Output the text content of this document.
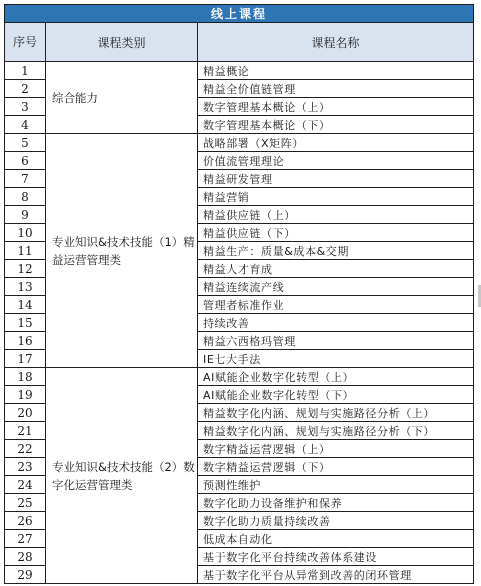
线上课程		
序号	课程类别	课程名称
1	综合能力	精益概论
2		精益全价值链管理
3		数字管理基本概论（上）
4		数字管理基本概论（下）
5	专业知识&技术技能（1）精益运营管理类	战略部署（X矩阵）
6		价值流管理理论
7		精益研发管理
8		精益营销
9		精益供应链（上）
10		精益供应链（下）
11		精益生产：质量&成本&交期
12		精益人才育成
13		精益连续流产线
14		管理者标准作业
15		持续改善
16		精益六西格玛管理
17		IE七大手法
18	专业知识&技术技能（2）数字化运营管理类	AI赋能企业数字化转型（上）
19		AI赋能企业数字化转型（下）
20		精益数字化内涵、规划与实施路径分析（上）
21		精益数字化内涵、规划与实施路径分析（下）
22		数字精益运营逻辑（上）
23		数字精益运营逻辑（下）
24		预测性维护
25		数字化助力设备维护和保养
26		数字化助力质量持续改善
27		低成本自动化
28		基于数字化平台持续改善体系建设
29		基于数字化平台从异常到改善的闭环管理
